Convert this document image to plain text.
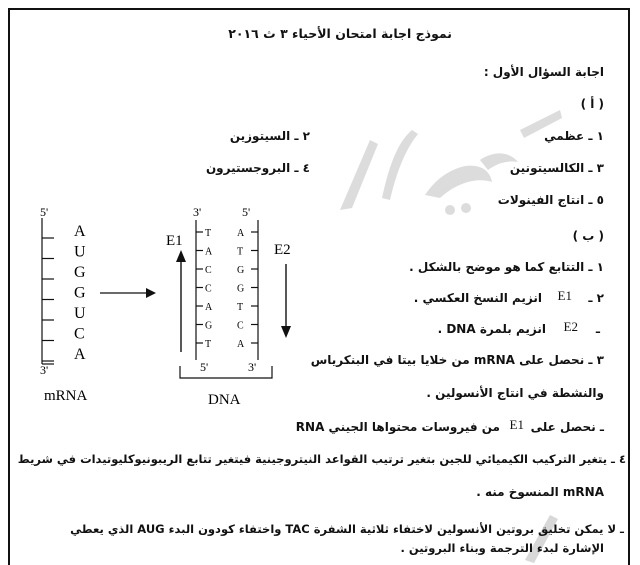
نموذج اجابة امتحان الأحياء ٣ ث ٢٠١٦
اجابة السؤال الأول :
( أ )
١ ـ عظمي
٢ ـ السيتوزين
٣ ـ الكالسيتونين
٤ ـ البروجستيرون
٥ ـ انتاج الفينولات
( ب )
١ ـ التتابع كما هو موضح بالشكل .
٢ ـ
E1
انزيم النسخ العكسي .
ـ
E2
انزيم بلمرة DNA .
٣ ـ نحصل على mRNA من خلايا بيتا في البنكرياس
والنشطة في انتاج الأنسولين .
ـ نحصل على
E1
من فيروسات محتواها الجيني RNA
٤ ـ يتغير التركيب الكيميائي للجين بتغير ترتيب القواعد النيتروجينية فيتغير تتابع الريبونيوكليوتيدات في شريط
mRNA المنسوخ منه .
ـ لا يمكن تخليق بروتين الأنسولين لاختفاء ثلاثية الشفرة TAC واختفاء كودون البدء AUG الذي يعطي
الإشارة لبدء الترجمة وبناء البروتين .
5'
A
U
G
G
U
C
A
3'
mRNA
E1
3'	5'
T	A
A T
C	G
C	G
A T
G C
T	A
5'	3'
DNA
E2
